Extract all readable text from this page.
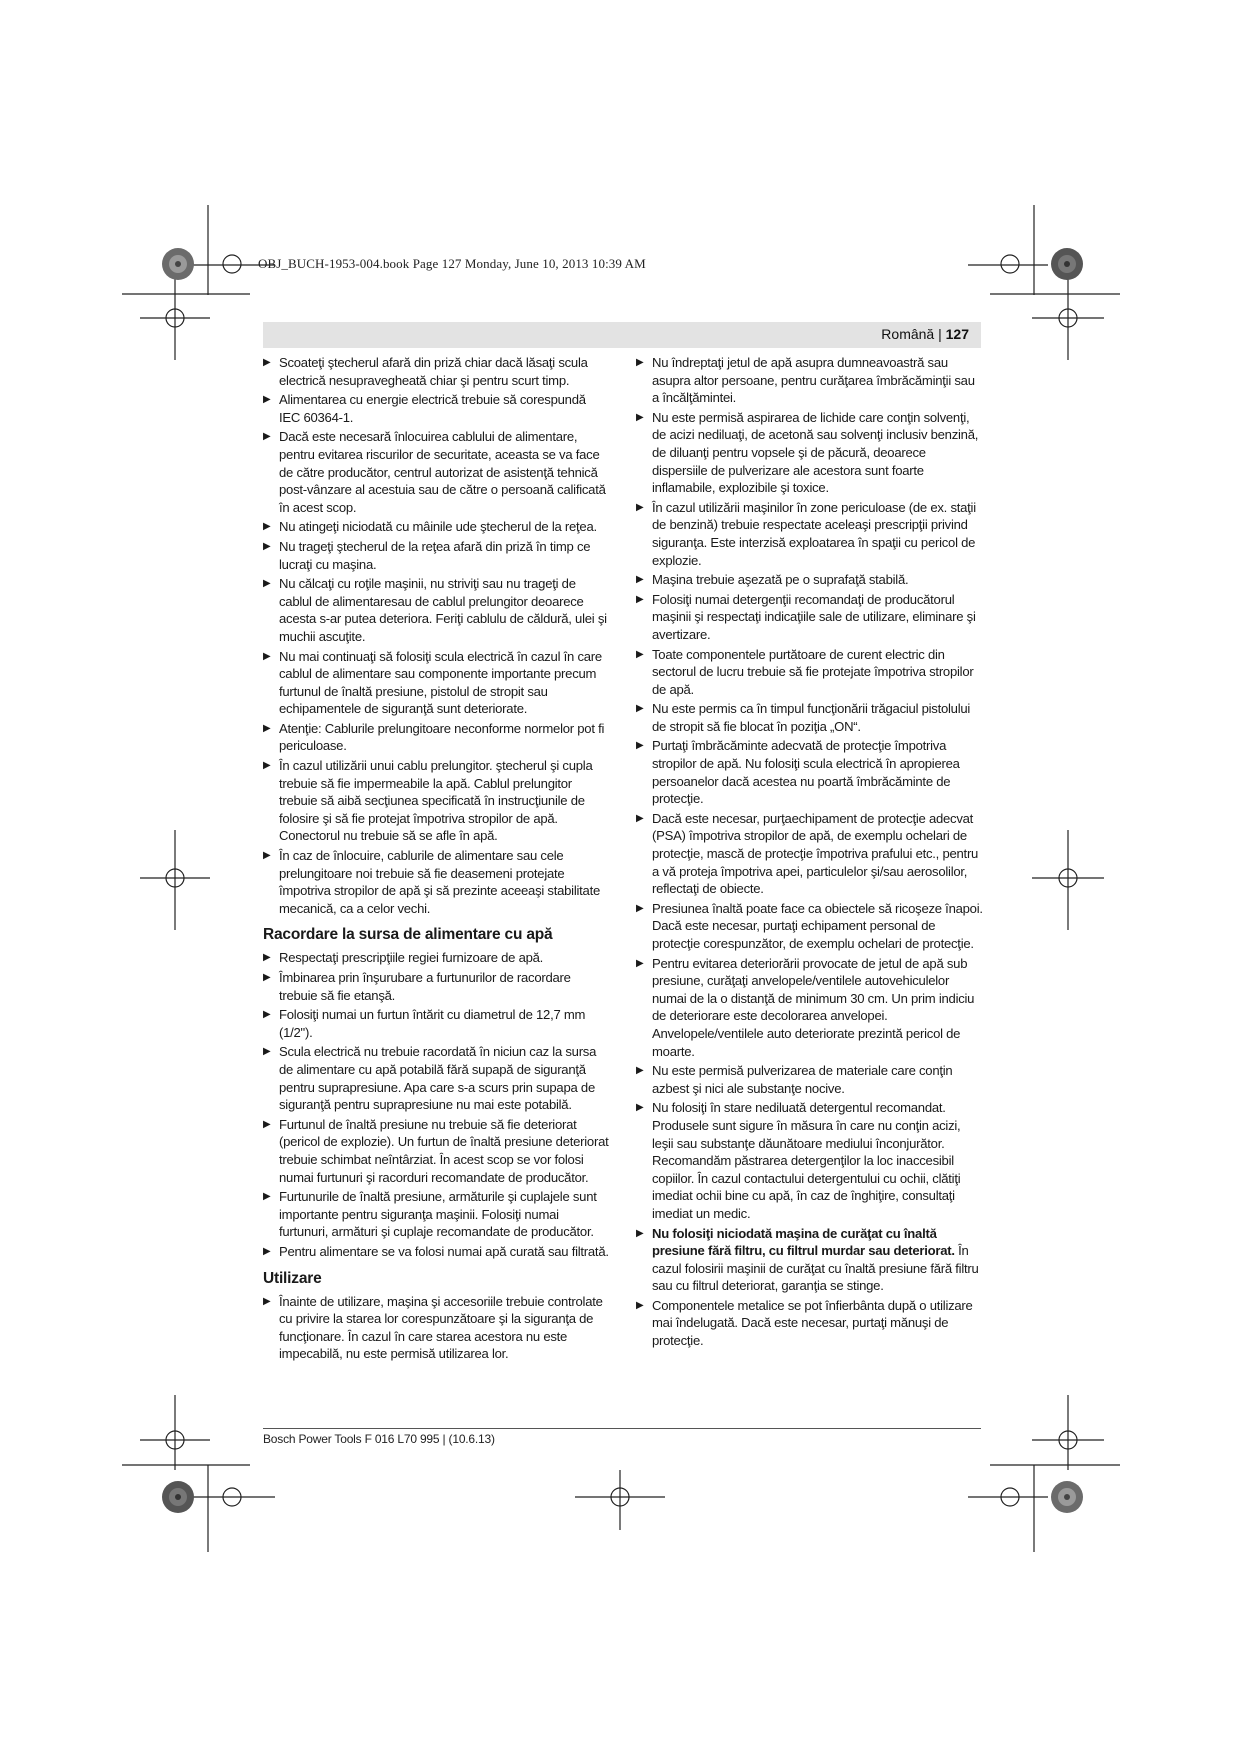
OBJ_BUCH-1953-004.book Page 127 Monday, June 10, 2013 10:39 AM
Română | 127
▶ Scoateţi ştecherul afară din priză chiar dacă lăsaţi scula electrică nesupravegheată chiar şi pentru scurt timp.
▶ Alimentarea cu energie electrică trebuie să corespundă IEC 60364-1.
▶ Dacă este necesară înlocuirea cablului de alimentare, pentru evitarea riscurilor de securitate, aceasta se va face de către producător, centrul autorizat de asistenţă tehnică post-vânzare al acestuia sau de către o persoană calificată în acest scop.
▶ Nu atingeţi niciodată cu mâinile ude ştecherul de la reţea.
▶ Nu trageţi ştecherul de la reţea afară din priză în timp ce lucraţi cu maşina.
▶ Nu călcaţi cu roţile maşinii, nu striviţi sau nu trageţi de cablul de alimentaresau de cablul prelungitor deoarece acesta s-ar putea deteriora. Feriţi cablulu de căldură, ulei şi muchii ascuţite.
▶ Nu mai continuaţi să folosiţi scula electrică în cazul în care cablul de alimentare sau componente importante precum furtunul de înaltă presiune, pistolul de stropit sau echipamentele de siguranţă sunt deteriorate.
▶ Atenţie: Cablurile prelungitoare neconforme normelor pot fi periculoase.
▶ În cazul utilizării unui cablu prelungitor. ştecherul şi cupla trebuie să fie impermeabile la apă. Cablul prelungitor trebuie să aibă secţiunea specificată în instrucţiunile de folosire şi să fie protejat împotriva stropilor de apă. Conectorul nu trebuie să se afle în apă.
▶ În caz de înlocuire, cablurile de alimentare sau cele prelungitoare noi trebuie să fie deasemeni protejate împotriva stropilor de apă şi să prezinte aceeaşi stabilitate mecanică, ca a celor vechi.
Racordare la sursa de alimentare cu apă
▶ Respectaţi prescripţiile regiei furnizoare de apă.
▶ Îmbinarea prin înşurubare a furtunurilor de racordare trebuie să fie etanşă.
▶ Folosiţi numai un furtun întărit cu diametrul de 12,7 mm (1/2").
▶ Scula electrică nu trebuie racordată în niciun caz la sursa de alimentare cu apă potabilă fără supapă de siguranţă pentru suprapresiune. Apa care s-a scurs prin supapa de siguranţă pentru suprapresiune nu mai este potabilă.
▶ Furtunul de înaltă presiune nu trebuie să fie deteriorat (pericol de explozie). Un furtun de înaltă presiune deteriorat trebuie schimbat neîntârziat. În acest scop se vor folosi numai furtunuri şi racorduri recomandate de producător.
▶ Furtunurile de înaltă presiune, armăturile şi cuplajele sunt importante pentru siguranţa maşinii. Folosiţi numai furtunuri, armături şi cuplaje recomandate de producător.
▶ Pentru alimentare se va folosi numai apă curată sau filtrată.
Utilizare
▶ Înainte de utilizare, maşina şi accesoriile trebuie controlate cu privire la starea lor corespunzătoare şi la siguranţa de funcţionare. În cazul în care starea acestora nu este impecabilă, nu este permisă utilizarea lor.
▶ Nu îndreptaţi jetul de apă asupra dumneavoastră sau asupra altor persoane, pentru curăţarea îmbrăcăminţii sau a încălţămintei.
▶ Nu este permisă aspirarea de lichide care conţin solvenţi, de acizi nediluaţi, de acetonă sau solvenţi inclusiv benzină, de diluanţi pentru vopsele şi de păcură, deoarece dispersiile de pulverizare ale acestora sunt foarte inflamabile, explozibile şi toxice.
▶ În cazul utilizării maşinilor în zone periculoase (de ex. staţii de benzină) trebuie respectate aceleaşi prescripţii privind siguranţa. Este interzisă exploatarea în spaţii cu pericol de explozie.
▶ Maşina trebuie aşezată pe o suprafaţă stabilă.
▶ Folosiţi numai detergenţii recomandaţi de producătorul maşinii şi respectaţi indicaţiile sale de utilizare, eliminare şi avertizare.
▶ Toate componentele purtătoare de curent electric din sectorul de lucru trebuie să fie protejate împotriva stropilor de apă.
▶ Nu este permis ca în timpul funcţionării trăgaciul pistolului de stropit să fie blocat în poziţia „ON“.
▶ Purtaţi îmbrăcăminte adecvată de protecţie împotriva stropilor de apă. Nu folosiţi scula electrică în apropierea persoanelor dacă acestea nu poartă îmbrăcăminte de protecţie.
▶ Dacă este necesar, purţaechipament de protecţie adecvat (PSA) împotriva stropilor de apă, de exemplu ochelari de protecţie, mască de protecţie împotriva prafului etc., pentru a vă proteja împotriva apei, particulelor şi/sau aerosolilor, reflectaţi de obiecte.
▶ Presiunea înaltă poate face ca obiectele să ricoşeze înapoi. Dacă este necesar, purtaţi echipament personal de protecţie corespunzător, de exemplu ochelari de protecţie.
▶ Pentru evitarea deteriorării provocate de jetul de apă sub presiune, curăţaţi anvelopele/ventilele autovehiculelor numai de la o distanţă de minimum 30 cm. Un prim indiciu de deteriorare este decolorarea anvelopei. Anvelopele/ventilele auto deteriorate prezintă pericol de moarte.
▶ Nu este permisă pulverizarea de materiale care conţin azbest şi nici ale substanţe nocive.
▶ Nu folosiţi în stare nediluată detergentul recomandat. Produsele sunt sigure în măsura în care nu conţin acizi, leşii sau substanţe dăunătoare mediului înconjurător. Recomandăm păstrarea detergenţilor la loc inaccesibil copiilor. În cazul contactului detergentului cu ochii, clătiţi imediat ochii bine cu apă, în caz de înghiţire, consultaţi imediat un medic.
▶ Nu folosiţi niciodată maşina de curăţat cu înaltă presiune fără filtru, cu filtrul murdar sau deteriorat. În cazul folosirii maşinii de curăţat cu înaltă presiune fără filtru sau cu filtrul deteriorat, garanţia se stinge.
▶ Componentele metalice se pot înfierbânta după o utilizare mai îndelugată. Dacă este necesar, purtaţi mănuşi de protecţie.
Bosch Power Tools F 016 L70 995 | (10.6.13)
